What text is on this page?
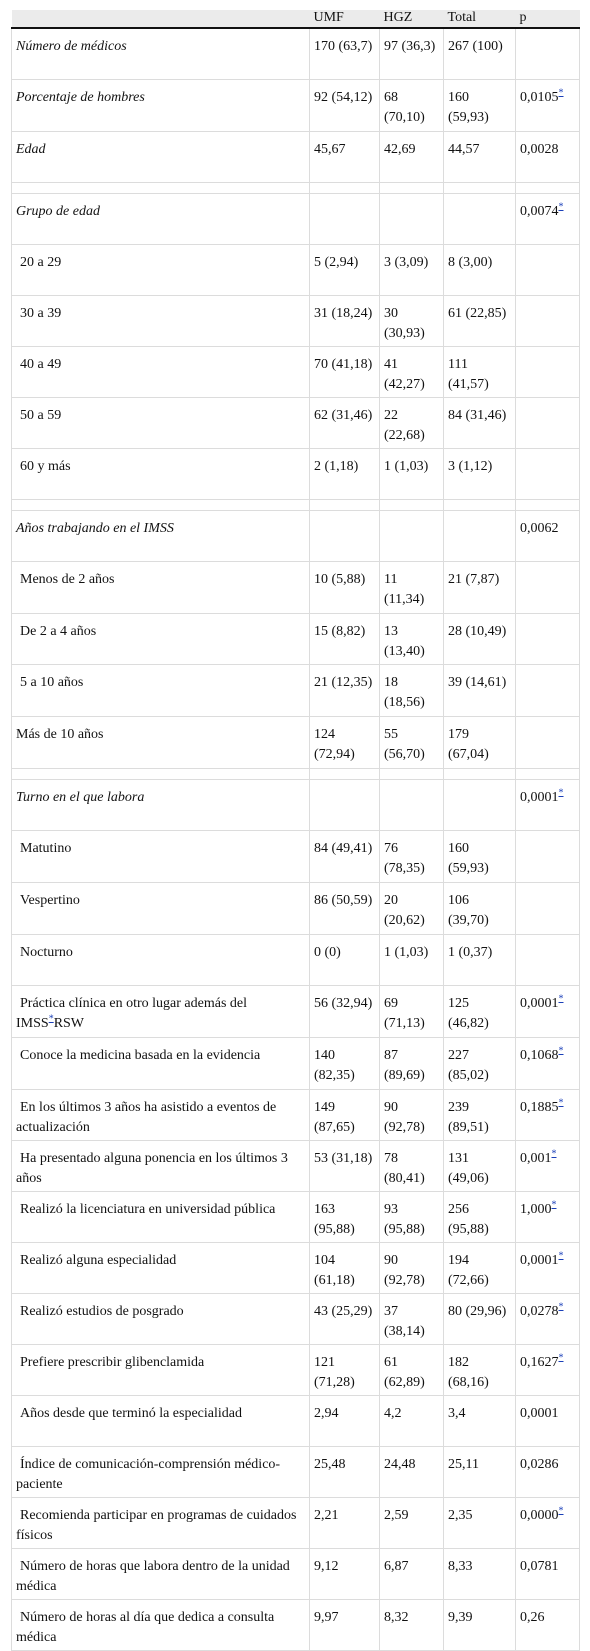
	UMF	HGZ	Total	p
Número de médicos	170 (63,7)	97 (36,3)	267 (100)	
Porcentaje de hombres	92 (54,12)	68 (70,10)	160 (59,93)	0,0105*
Edad	45,67	42,69	44,57	0,0028

Grupo de edad				0,0074*
20 a 29	5 (2,94)	3 (3,09)	8 (3,00)	
30 a 39	31 (18,24)	30 (30,93)	61 (22,85)	
40 a 49	70 (41,18)	41 (42,27)	111 (41,57)	
50 a 59	62 (31,46)	22 (22,68)	84 (31,46)	
60 y más	2 (1,18)	1 (1,03)	3 (1,12)	

Años trabajando en el IMSS				0,0062
Menos de 2 años	10 (5,88)	11 (11,34)	21 (7,87)	
De 2 a 4 años	15 (8,82)	13 (13,40)	28 (10,49)	
5 a 10 años	21 (12,35)	18 (18,56)	39 (14,61)	
Más de 10 años	124 (72,94)	55 (56,70)	179 (67,04)	

Turno en el que labora				0,0001*
Matutino	84 (49,41)	76 (78,35)	160 (59,93)	
Vespertino	86 (50,59)	20 (20,62)	106 (39,70)	
Nocturno	0 (0)	1 (1,03)	1 (0,37)	
Práctica clínica en otro lugar además del IMSS*RSW	56 (32,94)	69 (71,13)	125 (46,82)	0,0001*
Conoce la medicina basada en la evidencia	140 (82,35)	87 (89,69)	227 (85,02)	0,1068*
En los últimos 3 años ha asistido a eventos de actualización	149 (87,65)	90 (92,78)	239 (89,51)	0,1885*
Ha presentado alguna ponencia en los últimos 3 años	53 (31,18)	78 (80,41)	131 (49,06)	0,001*
Realizó la licenciatura en universidad pública	163 (95,88)	93 (95,88)	256 (95,88)	1,000*
Realizó alguna especialidad	104 (61,18)	90 (92,78)	194 (72,66)	0,0001*
Realizó estudios de posgrado	43 (25,29)	37 (38,14)	80 (29,96)	0,0278*
Prefiere prescribir glibenclamida	121 (71,28)	61 (62,89)	182 (68,16)	0,1627*
Años desde que terminó la especialidad	2,94	4,2	3,4	0,0001
Índice de comunicación-comprensión médico-paciente	25,48	24,48	25,11	0,0286
Recomienda participar en programas de cuidados físicos	2,21	2,59	2,35	0,0000*
Número de horas que labora dentro de la unidad médica	9,12	6,87	8,33	0,0781
Número de horas al día que dedica a consulta médica	9,97	8,32	9,39	0,26
